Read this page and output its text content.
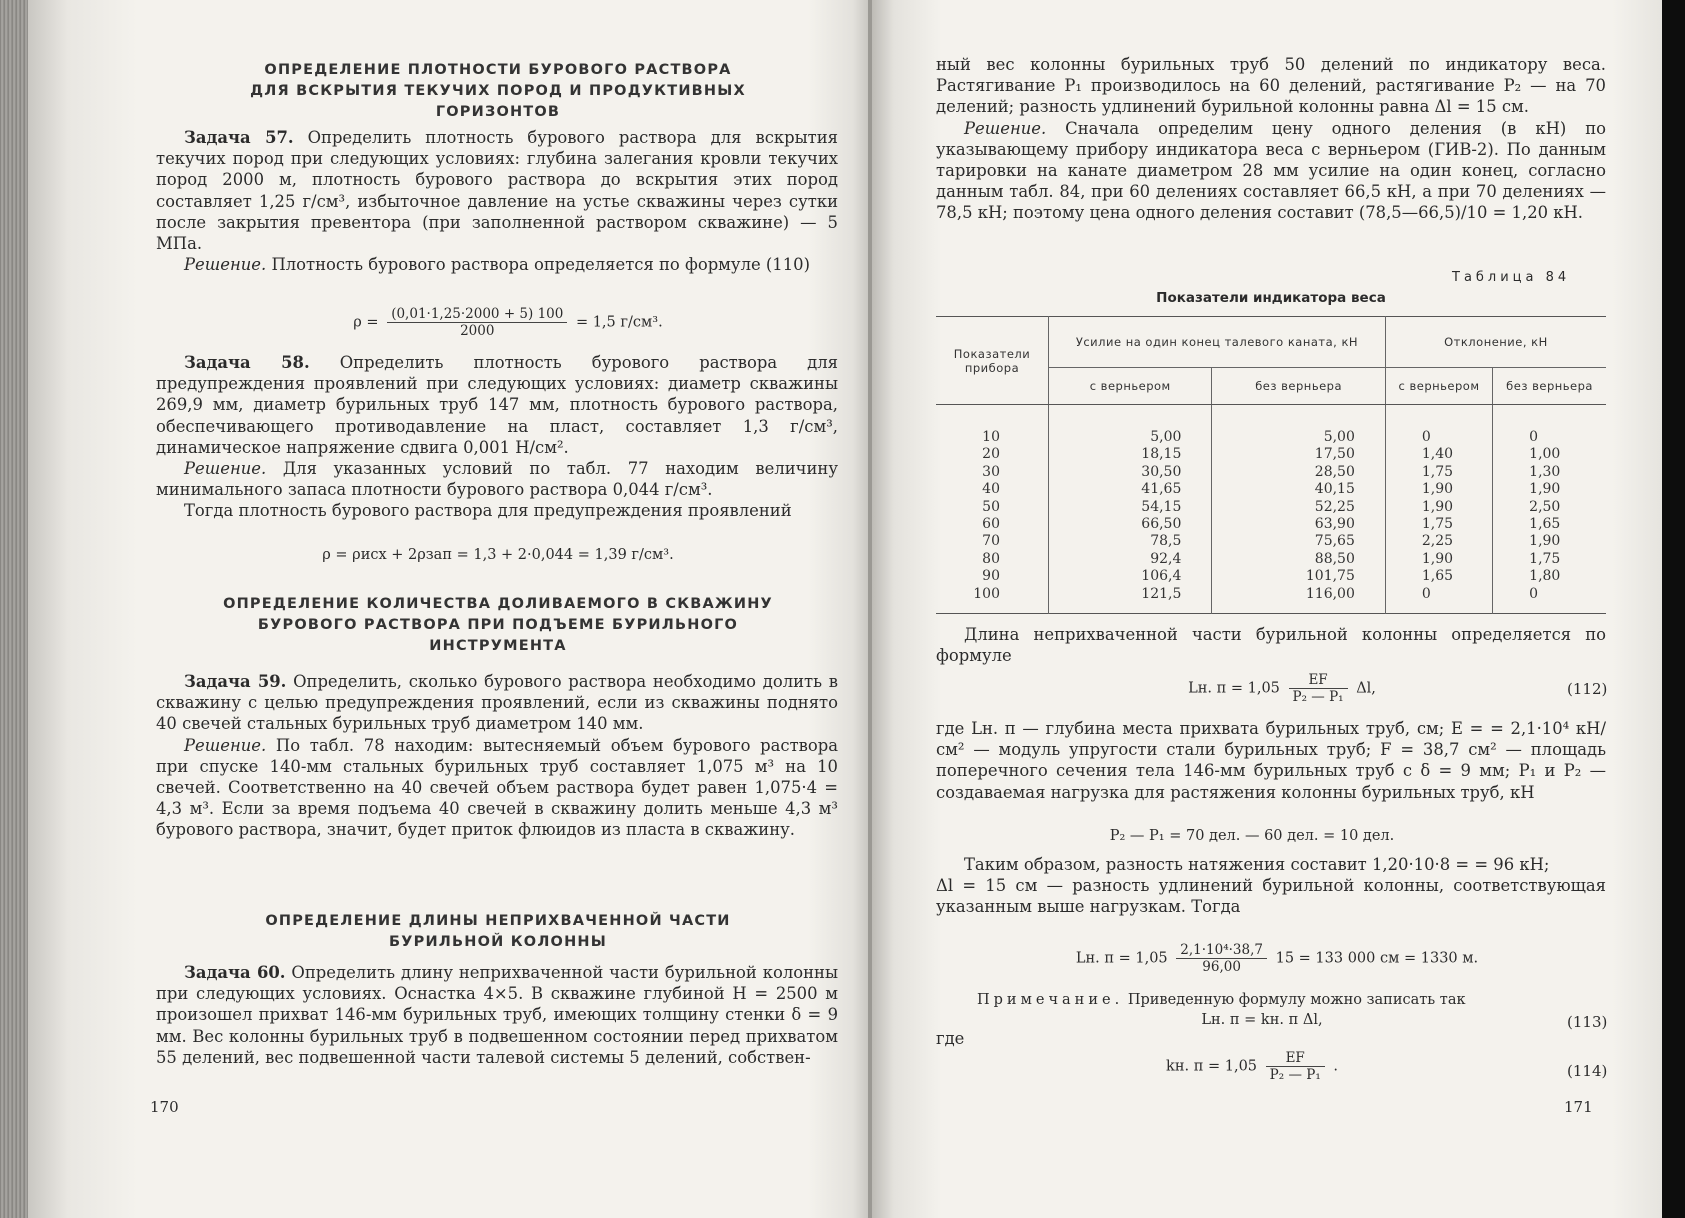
ОПРЕДЕЛЕНИЕ ПЛОТНОСТИ БУРОВОГО РАСТВОРА
ДЛЯ ВСКРЫТИЯ ТЕКУЧИХ ПОРОД И ПРОДУКТИВНЫХ
ГОРИЗОНТОВ

Задача 57. Определить плотность бурового раствора для вскрытия текучих пород при следующих условиях: глубина залегания кровли текучих пород 2000 м, плотность бурового раствора до вскрытия этих пород составляет 1,25 г/см³, избыточное давление на устье скважины через сутки после закрытия превентора (при заполненной раствором скважине) — 5 МПа.

Решение. Плотность бурового раствора определяется по формуле (110)

$\rho = \frac{(0,01\cdot 1,25\cdot 2000 + 5) 100}{2000} = 1,5$ г/см³.

Задача 58. Определить плотность бурового раствора для предупреждения проявлений при следующих условиях: диаметр скважины 269,9 мм, диаметр бурильных труб 147 мм, плотность бурового раствора, обеспечивающего противодавление на пласт, составляет 1,3 г/см³, динамическое напряжение сдвига 0,001 Н/см².

Решение. Для указанных условий по табл. 77 находим величину минимального запаса плотности бурового раствора 0,044 г/см³.

Тогда плотность бурового раствора для предупреждения проявлений

ρ = ρисх + 2ρзап = 1,3 + 2·0,044 = 1,39 г/см³.
ОПРЕДЕЛЕНИЕ КОЛИЧЕСТВА ДОЛИВАЕМОГО В СКВАЖИНУ
БУРОВОГО РАСТВОРА ПРИ ПОДЪЕМЕ БУРИЛЬНОГО
ИНСТРУМЕНТА

Задача 59. Определить, сколько бурового раствора необходимо долить в скважину с целью предупреждения проявлений, если из скважины поднято 40 свечей стальных бурильных труб диаметром 140 мм.

Решение. По табл. 78 находим: вытесняемый объем бурового раствора при спуске 140-мм стальных бурильных труб составляет 1,075 м³ на 10 свечей. Соответственно на 40 свечей объем раствора будет равен 1,075·4 = 4,3 м³. Если за время подъема 40 свечей в скважину долить меньше 4,3 м³ бурового раствора, значит, будет приток флюидов из пласта в скважину.

ОПРЕДЕЛЕНИЕ ДЛИНЫ НЕПРИХВАЧЕННОЙ ЧАСТИ
БУРИЛЬНОЙ КОЛОННЫ

Задача 60. Определить длину неприхваченной части бурильной колонны при следующих условиях. Оснастка 4×5. В скважине глубиной H = 2500 м произошел прихват 146-мм бурильных труб, имеющих толщину стенки δ = 9 мм. Вес колонны бурильных труб в подвешенном состоянии перед прихватом 55 делений, вес подвешенной части талевой системы 5 делений, собствен-

170

ный вес колонны бурильных труб 50 делений по индикатору веса. Растягивание P₁ производилось на 60 делений, растягивание P₂ — на 70 делений; разность удлинений бурильной колонны равна Δl = 15 см.

Решение. Сначала определим цену одного деления (в кН) по указывающему прибору индикатора веса с верньером (ГИВ-2). По данным тарировки на канате диаметром 28 мм усилие на один конец, согласно данным табл. 84, при 60 делениях составляет 66,5 кН, а при 70 делениях — 78,5 кН; поэтому цена одного деления составит (78,5—66,5)/10 = 1,20 кН.

Таблица 84
Показатели индикатора веса
Показатели прибора	Усилие на один конец талевого каната, кН		Отклонение, кН	
	с верньером	без верньера	с верньером	без верньера
10	5,00	5,00	0	0
20	18,15	17,50	1,40	1,00
30	30,50	28,50	1,75	1,30
40	41,65	40,15	1,90	1,90
50	54,15	52,25	1,90	2,50
60	66,50	63,90	1,75	1,65
70	78,5	75,65	2,25	1,90
80	92,4	88,50	1,90	1,75
90	106,4	101,75	1,65	1,80
100	121,5	116,00	0	0

Длина неприхваченной части бурильной колонны определяется по формуле

Lн. $п = 1,05 \frac{EF}{\text{P₂ — P₁}} \Delta l$,	(112)

где Lн. п — глубина места прихвата бурильных труб, см; E = = 2,1·10⁴ кН/см² — модуль упругости стали бурильных труб; F = 38,7 см² — площадь поперечного сечения тела 146-мм бурильных труб с δ = 9 мм; P₁ и P₂ — создаваемая нагрузка для растяжения колонны бурильных труб, кН

P₂ — P₁ = 70 дел. — 60 дел. = 10 дел.

Таким образом, разность натяжения составит 1,20·10·8 = = 96 кН;

Δl = 15 см — разность удлинений бурильной колонны, соответствующая указанным выше нагрузкам. Тогда

Lн. $п = 1,05 \frac{\text{2,1·10⁴·38,7}}{96,00} 15 = 133$ 000 см = 1330 м.
Примечание. Приведенную формулу можно записать так
Lн. п = kн. п Δl,	(113)

где

kн. $п = 1,05 \frac{EF}{\text{P₂ — P₁}}$ .	(114)
171
